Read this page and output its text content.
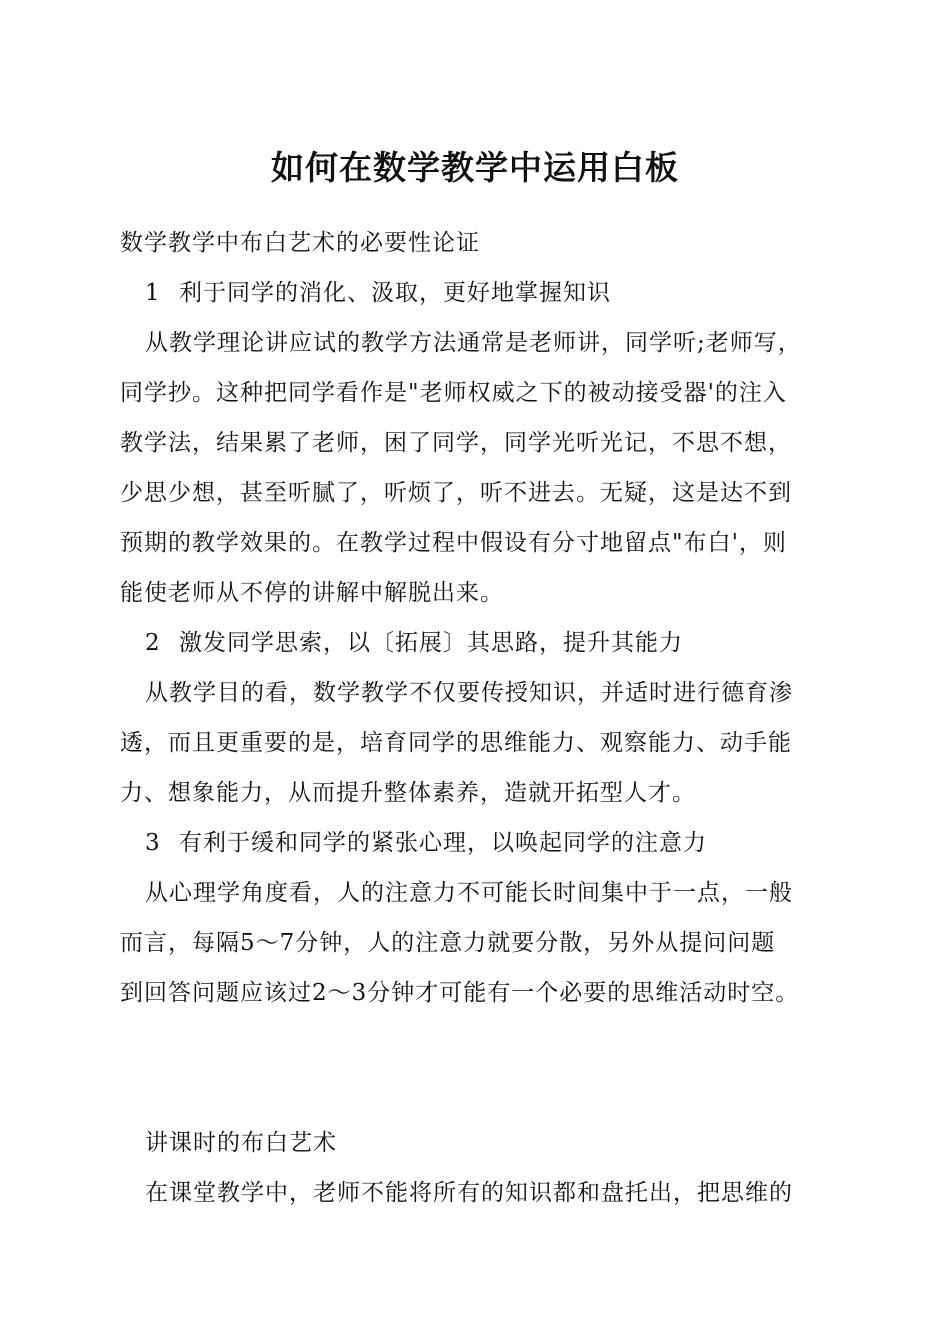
如何在数学教学中运用白板
数学教学中布白艺术的必要性论证
1 利于同学的消化、汲取，更好地掌握知识
从教学理论讲应试的教学方法通常是老师讲，同学听;老师写，
同学抄。这种把同学看作是"老师权威之下的被动接受器'的注入
教学法，结果累了老师，困了同学，同学光听光记，不思不想，
少思少想，甚至听腻了，听烦了，听不进去。无疑，这是达不到
预期的教学效果的。在教学过程中假设有分寸地留点"布白'，则
能使老师从不停的讲解中解脱出来。
2 激发同学思索，以〔拓展〕其思路，提升其能力
从教学目的看，数学教学不仅要传授知识，并适时进行德育渗
透，而且更重要的是，培育同学的思维能力、观察能力、动手能
力、想象能力，从而提升整体素养，造就开拓型人才。
3 有利于缓和同学的紧张心理，以唤起同学的注意力
从心理学角度看，人的注意力不可能长时间集中于一点，一般
而言，每隔5～7分钟，人的注意力就要分散，另外从提问问题
到回答问题应该过2～3分钟才可能有一个必要的思维活动时空。
讲课时的布白艺术
在课堂教学中，老师不能将所有的知识都和盘托出，把思维的
